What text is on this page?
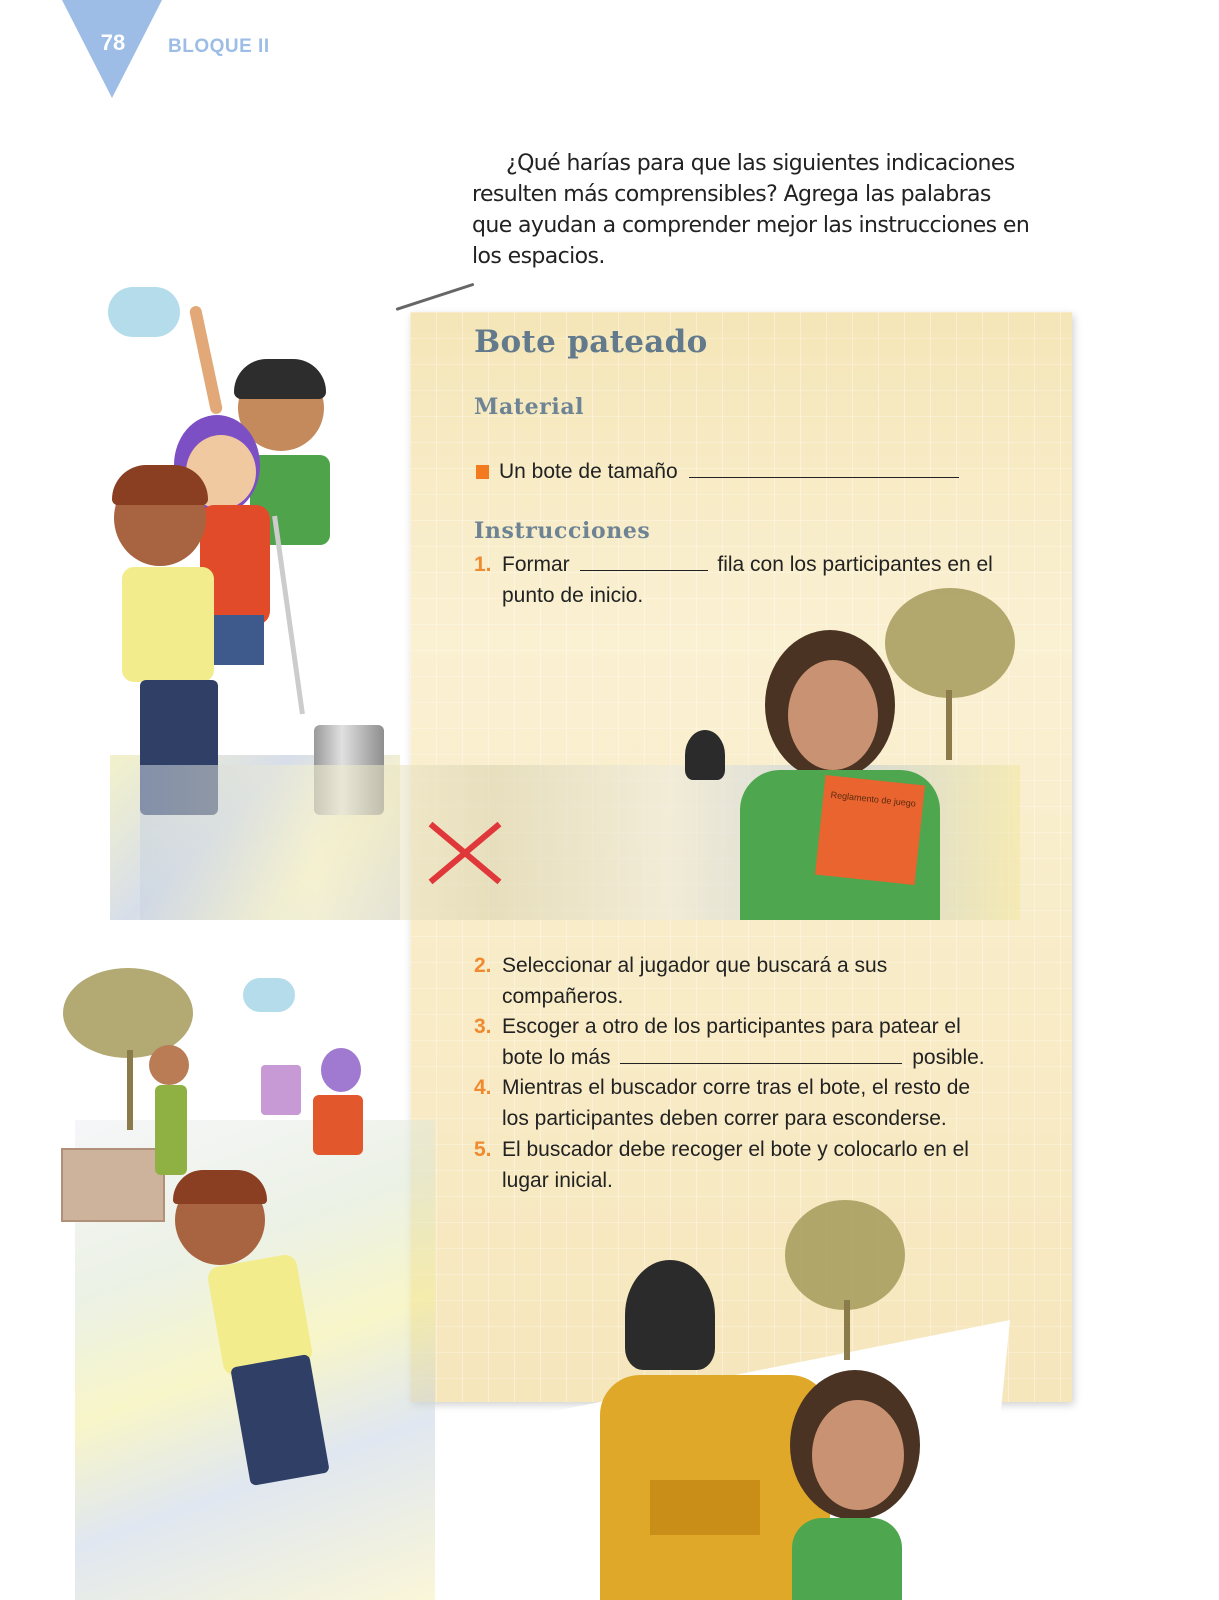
78	BLOQUE II
¿Qué harías para que las siguientes indicaciones resulten más comprensibles? Agrega las palabras que ayudan a comprender mejor las instrucciones en los espacios.
Bote pateado
Material
Un bote de tamaño
Instrucciones
1. Formar	fila con los participantes en el
punto de inicio.
Reglamento de juego
2. Seleccionar al jugador que buscará a sus
compañeros.
3. Escoger a otro de los participantes para patear el
bote lo más	posible.
4. Mientras el buscador corre tras el bote, el resto de
los participantes deben correr para esconderse.
5. El buscador debe recoger el bote y colocarlo en el
lugar inicial.
